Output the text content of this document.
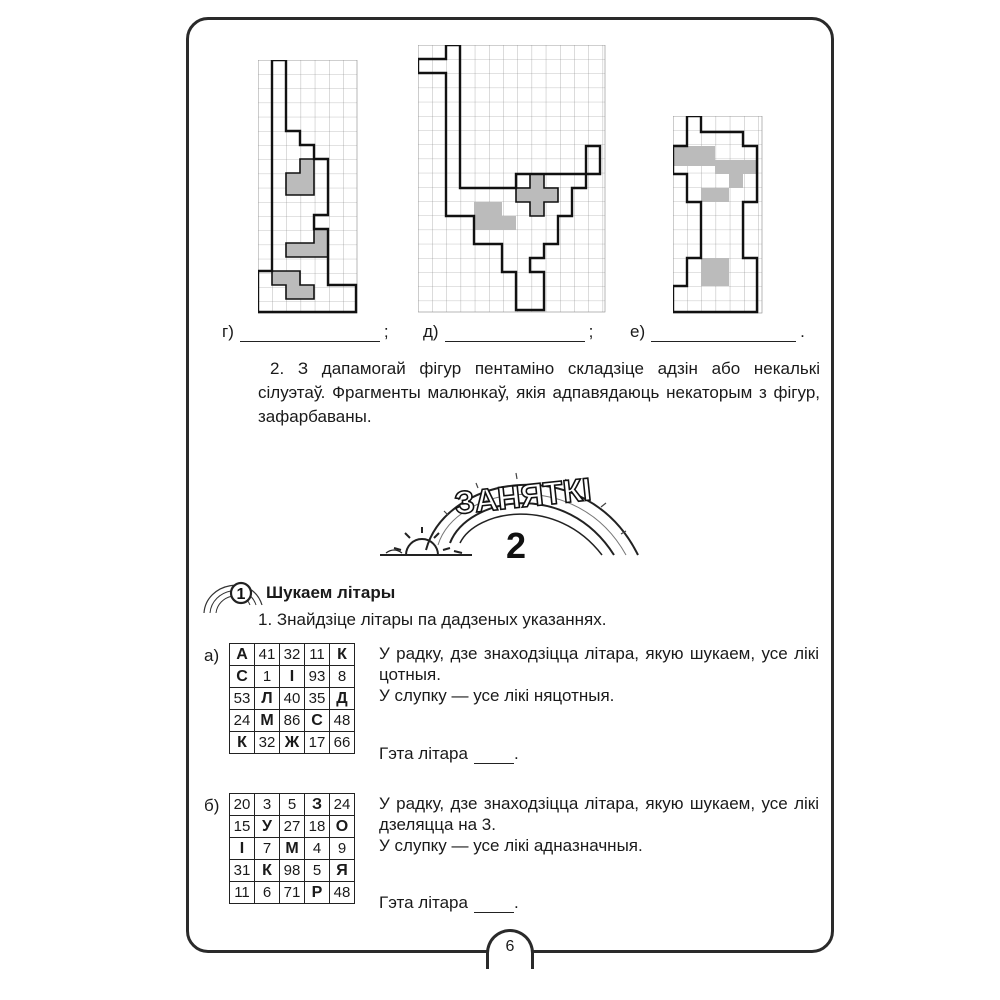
г)	; д)	; е)	.
2. З дапамогай фігур пентаміно складзіце адзін або некалькі сілуэтаў. Фрагменты малюнкаў, якія адпавядаюць некаторым з фігур, зафарбаваны.
ЗАНЯТКІ
2
1 Шукаем літары
1. Знайдзіце літары па дадзеных указаннях.
а) А	41	32	11	К
С	1	І	93	8
53	Л	40	35	Д
24	М	86	С	48
К	32	Ж	17	66
У радку, дзе знаходзіцца літара, якую шукаем, усе лікі цотныя.
У слупку — усе лікі няцотныя.
Гэта літара	.
б) 20	3	5	З	24
15	У	27	18	О
І	7	М	4	9
31	К	98	5	Я
11	6	71	Р	48
У радку, дзе знаходзіцца літара, якую шукаем, усе лікі дзеляцца на 3.
У слупку — усе лікі аднaзначныя.
Гэта літара	.
6
